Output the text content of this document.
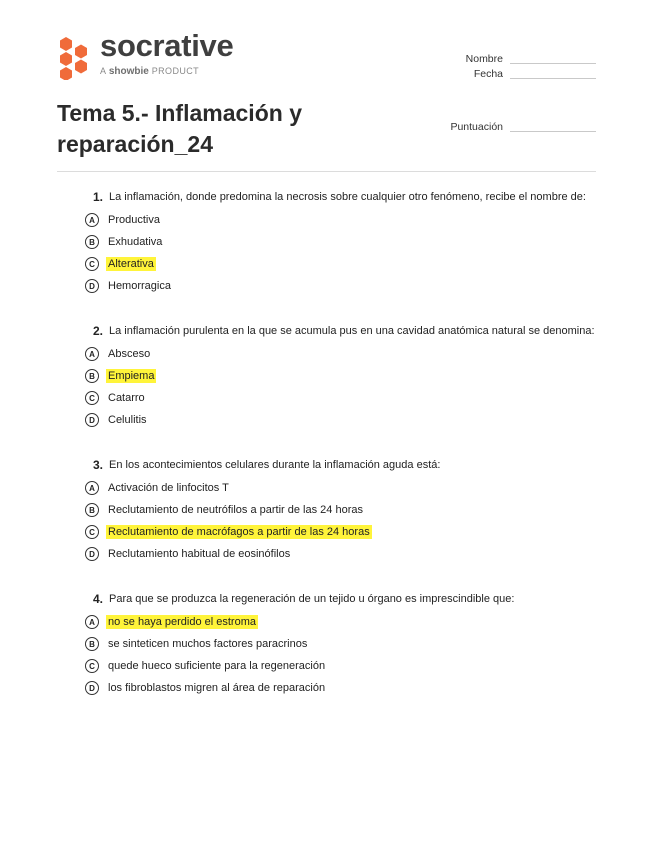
socrative
A showbie PRODUCT
Nombre
Fecha
Puntuación
Tema 5.- Inflamación y reparación_24
1. La inflamación, donde predomina la necrosis sobre cualquier otro fenómeno, recibe el nombre de:
A	Productiva
B	Exhudativa
C	Alterativa
D	Hemorragica
2. La inflamación purulenta en la que se acumula pus en una cavidad anatómica natural se denomina:
A	Absceso
B	Empiema
C	Catarro
D	Celulitis
3. En los acontecimientos celulares durante la inflamación aguda está:
A	Activación de linfocitos T
B	Reclutamiento de neutrófilos a partir de las 24 horas
C	Reclutamiento de macrófagos a partir de las 24 horas
D	Reclutamiento habitual de eosinófilos
4. Para que se produzca la regeneración de un tejido u órgano es imprescindible que:
A	no se haya perdido el estroma
B	se sinteticen muchos factores paracrinos
C	quede hueco suficiente para la regeneración
D	los fibroblastos migren al área de reparación
